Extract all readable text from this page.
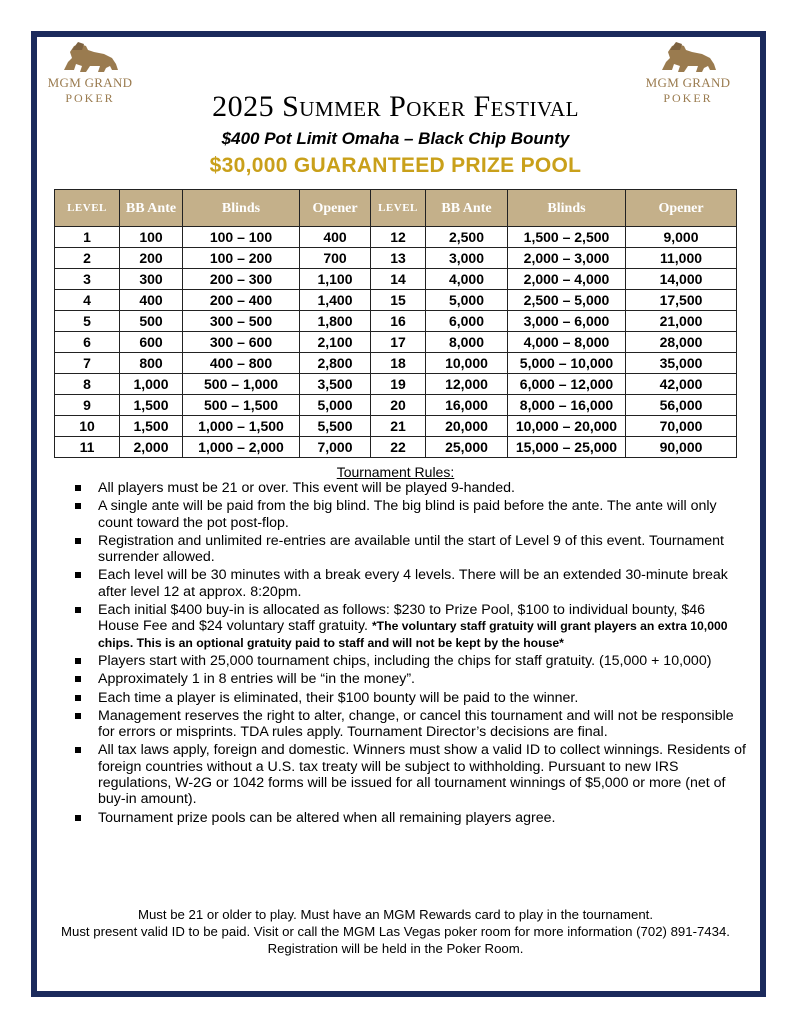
MGM GRAND
POKER
MGM GRAND
POKER
2025 Summer Poker Festival
$400 Pot Limit Omaha – Black Chip Bounty
$30,000 GUARANTEED PRIZE POOL
LEVEL	BB Ante	Blinds	Opener	LEVEL	BB Ante	Blinds	Opener
1	100	100 – 100	400	12	2,500	1,500 – 2,500	9,000
2	200	100 – 200	700	13	3,000	2,000 – 3,000	11,000
3	300	200 – 300	1,100	14	4,000	2,000 – 4,000	14,000
4	400	200 – 400	1,400	15	5,000	2,500 – 5,000	17,500
5	500	300 – 500	1,800	16	6,000	3,000 – 6,000	21,000
6	600	300 – 600	2,100	17	8,000	4,000 – 8,000	28,000
7	800	400 – 800	2,800	18	10,000	5,000 – 10,000	35,000
8	1,000	500 – 1,000	3,500	19	12,000	6,000 – 12,000	42,000
9	1,500	500 – 1,500	5,000	20	16,000	8,000 – 16,000	56,000
10	1,500	1,000 – 1,500	5,500	21	20,000	10,000 – 20,000	70,000
11	2,000	1,000 – 2,000	7,000	22	25,000	15,000 – 25,000	90,000
Tournament Rules:
All players must be 21 or over. This event will be played 9-handed.
A single ante will be paid from the big blind. The big blind is paid before the ante. The ante will only count toward the pot post-flop.
Registration and unlimited re-entries are available until the start of Level 9 of this event. Tournament surrender allowed.
Each level will be 30 minutes with a break every 4 levels. There will be an extended 30-minute break after level 12 at approx. 8:20pm.
Each initial $400 buy-in is allocated as follows: $230 to Prize Pool, $100 to individual bounty, $46 House Fee and $24 voluntary staff gratuity. *The voluntary staff gratuity will grant players an extra 10,000 chips. This is an optional gratuity paid to staff and will not be kept by the house*
Players start with 25,000 tournament chips, including the chips for staff gratuity. (15,000 + 10,000)
Approximately 1 in 8 entries will be “in the money”.
Each time a player is eliminated, their $100 bounty will be paid to the winner.
Management reserves the right to alter, change, or cancel this tournament and will not be responsible for errors or misprints. TDA rules apply. Tournament Director’s decisions are final.
All tax laws apply, foreign and domestic. Winners must show a valid ID to collect winnings. Residents of foreign countries without a U.S. tax treaty will be subject to withholding. Pursuant to new IRS regulations, W-2G or 1042 forms will be issued for all tournament winnings of $5,000 or more (net of buy-in amount).
Tournament prize pools can be altered when all remaining players agree.
Must be 21 or older to play. Must have an MGM Rewards card to play in the tournament.
Must present valid ID to be paid. Visit or call the MGM Las Vegas poker room for more information (702) 891-7434. Registration will be held in the Poker Room.
